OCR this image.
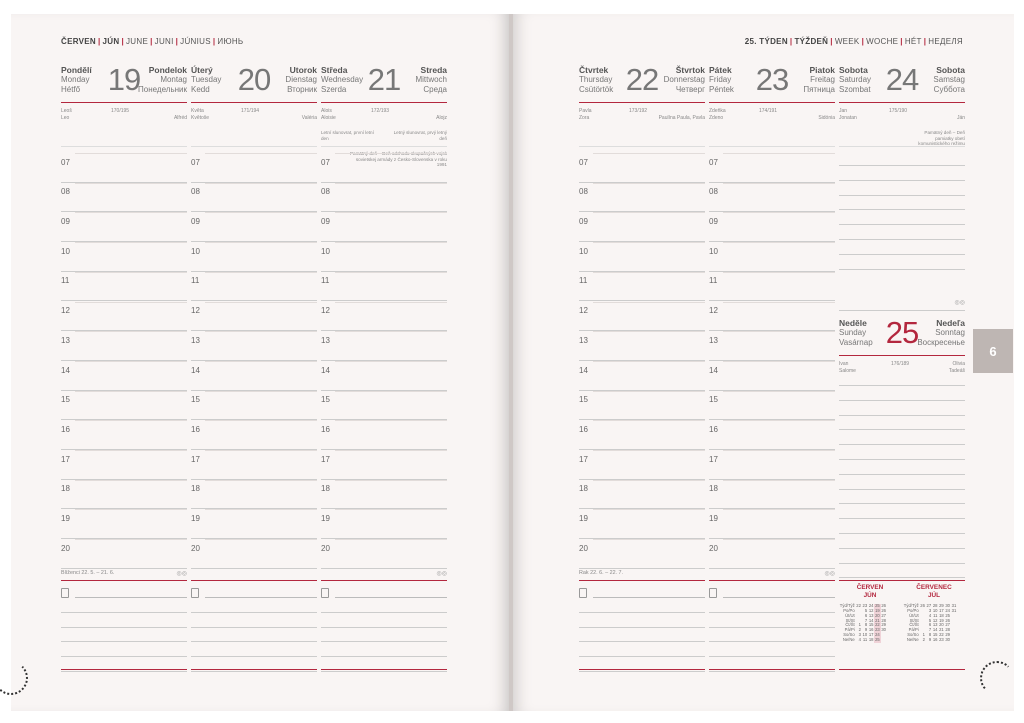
6
ČERVEN | JÚN | JUNE | JUNI | JÚNIUS | ИЮНЬ	25. TÝDEN | TÝŽDEŇ | WEEK | WOCHE | HÉT | НЕДЕЛЯ
Pondělí
Monday
Hétfő 19	Pondelok
Montag
Понедельник
Leoš	170/195
Leo	Alfréd
07
08
09
10
11
12
13
14
15
16
17
18
19
20
Blíženci 22. 5. – 21. 6.	◎◎
Úterý
Tuesday
Kedd 20	Utorok
Dienstag
Вторник
Květa	171/194
Květoše	Valéria
07
08
09
10
11
12
13
14
15
16
17
18
19
20
Středa
Wednesday
Szerda 21	Streda
Mittwoch
Среда
Alois	172/193
Aloisie	Alojz
Letní slunovrat, první letní den
Letný slunovrat, prvý letný deň
sovietskej armády z Česko-Slovenska v roku 1991
07
08
09
10
11
12
13
14
15
16
17
18
19
20
◎◎
Čtvrtek
Thursday
Csütörtök 22	Štvrtok
Donnerstag
Четверг
Pavla	173/192
Zora	Paulína Paula, Pavla
07
08
09
10
11
12
13
14
15
16
17
18
19
20
Rak 22. 6. – 22. 7.
Pátek
Friday
Péntek 23	Piatok
Freitag
Пятница
Zdeňka	174/191
Zdeno	Sidónia
07
08
09
10
11
12
13
14
15
16
17
18
19
20
◎◎
Sobota
Saturday
Szombat 24	Sobota
Samstag
Суббота
Jan	175/190
Jonatan	Ján
Pamätný deň – Deň pamiatky obetí komunistického režimu
◎◎
Neděle
Sunday
Vasárnap 25	Nedeľa
Sonntag
Воскресенье
Ivan	176/189	Olivia
Salome	Tadeáš
ČERVEN
JÚN
Týd/Týž	22	23	24	25	26
Po/Po		5	12	19	26
Út/Ut		6	13	20	27
St/St		7	14	21	28
Čt/Št	1	8	15	22	29
Pá/Pi	2	9	16	23	30
So/So	3	10	17	24	
Ne/Ne	4	11	18	25	
ČERVENEC
JÚL
Týd/Týž	26	27	28	29	30	31
Po/Po		3	10	17	24	31
Út/Ut		4	11	18	25	
St/St		5	12	19	26	
Čt/Št		6	13	20	27	
Pá/Pi		7	14	21	28	
So/So	1	8	15	22	29	
Ne/Ne	2	9	16	23	30	
